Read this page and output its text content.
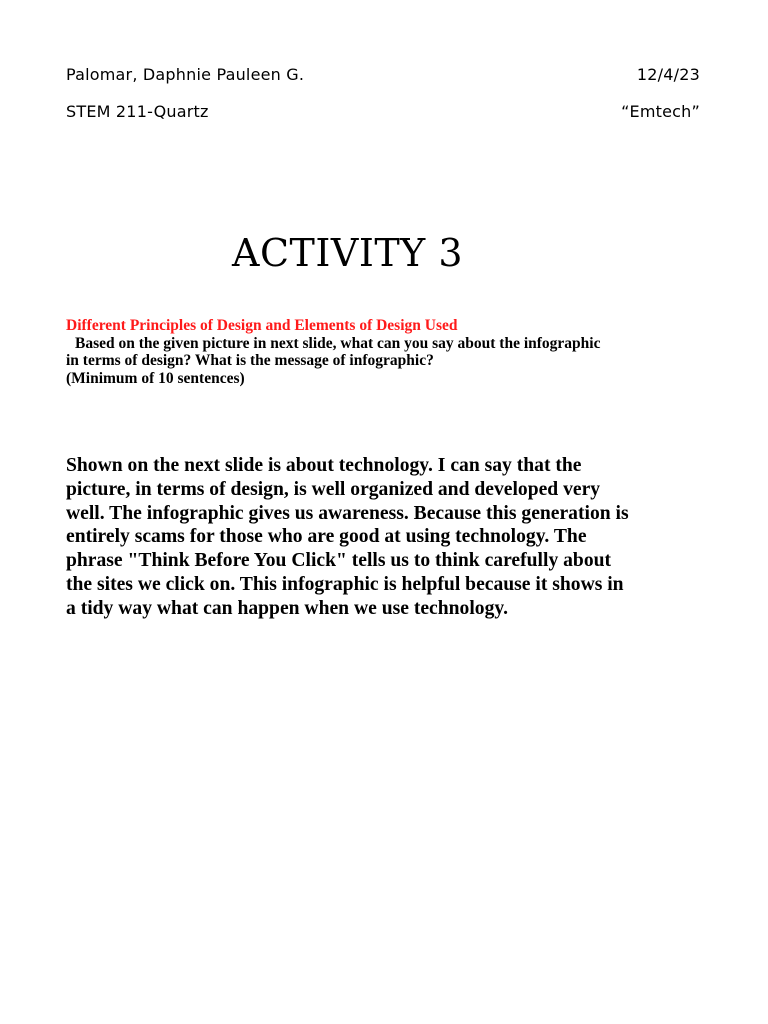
Palomar, Daphnie Pauleen G.	12/4/23
STEM 211-Quartz	“Emtech”
ACTIVITY 3
Different Principles of Design and Elements of Design Used
Based on the given picture in next slide, what can you say about the infographic
in terms of design? What is the message of infographic?
(Minimum of 10 sentences)
Shown on the next slide is about technology. I can say that the
picture, in terms of design, is well organized and developed very
well. The infographic gives us awareness. Because this generation is
entirely scams for those who are good at using technology. The
phrase "Think Before You Click" tells us to think carefully about
the sites we click on. This infographic is helpful because it shows in
a tidy way what can happen when we use technology.
